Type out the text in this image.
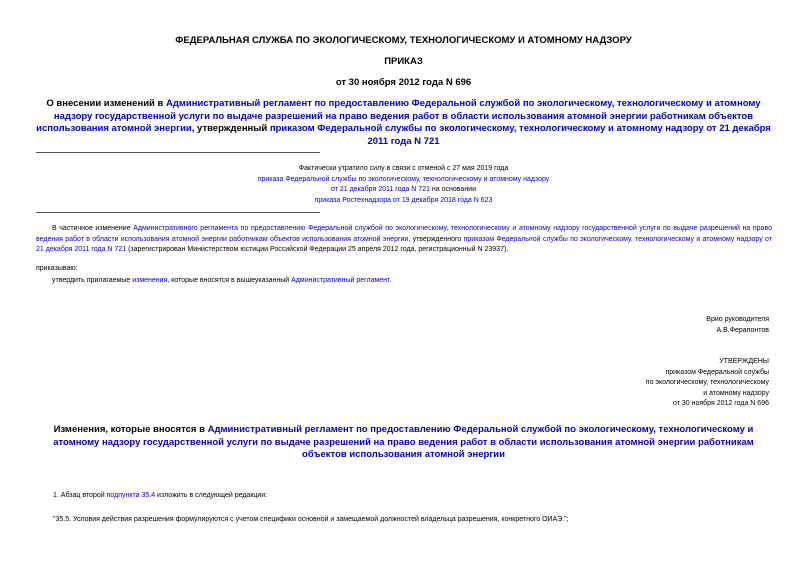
ФЕДЕРАЛЬНАЯ СЛУЖБА ПО ЭКОЛОГИЧЕСКОМУ, ТЕХНОЛОГИЧЕСКОМУ И АТОМНОМУ НАДЗОРУ
ПРИКАЗ
от 30 ноября 2012 года N 696
О внесении изменений в Административный регламент по предоставлению Федеральной службой по экологическому, технологическому и атомному надзору государственной услуги по выдаче разрешений на право ведения работ в области использования атомной энергии работникам объектов использования атомной энергии, утвержденный приказом Федеральной службы по экологическому, технологическому и атомному надзору от 21 декабря 2011 года N 721
Фактически утратило силу в связи с отменой с 27 мая 2019 года
приказа Федеральной службы по экологическому, технологическому и атомному надзору
от 21 декабря 2011 года N 721 на основании
приказа Ростехнадзора от 19 декабря 2018 года N 623
В частичное изменение Административного регламента по предоставлению Федеральной службой по экологическому, технологическому и атомному надзору государственной услуги по выдаче разрешений на право ведения работ в области использования атомной энергии работникам объектов использования атомной энергии, утвержденного приказом Федеральной службы по экологическому, технологическому и атомному надзору от 21 декабря 2011 года N 721 (зарегистрирован Министерством юстиции Российской Федерации 25 апреля 2012 года, регистрационный N 23937),
приказываю:
утвердить прилагаемые изменения, которые вносятся в вышеуказанный Административный регламент.
Врио руководителя
А.В.Ферапонтов
УТВЕРЖДЕНЫ
приказом Федеральной службы
по экологическому, технологическому
и атомному надзору
от 30 ноября 2012 года N 696
Изменения, которые вносятся в Административный регламент по предоставлению Федеральной службой по экологическому, технологическому и атомному надзору государственной услуги по выдаче разрешений на право ведения работ в области использования атомной энергии работникам объектов использования атомной энергии
1. Абзац второй подпункта 35.4 изложить в следующей редакции:
"35.5. Условия действия разрешения формулируются с учетом специфики основной и замещаемой должностей владельца разрешения, конкретного ОИАЭ.";
